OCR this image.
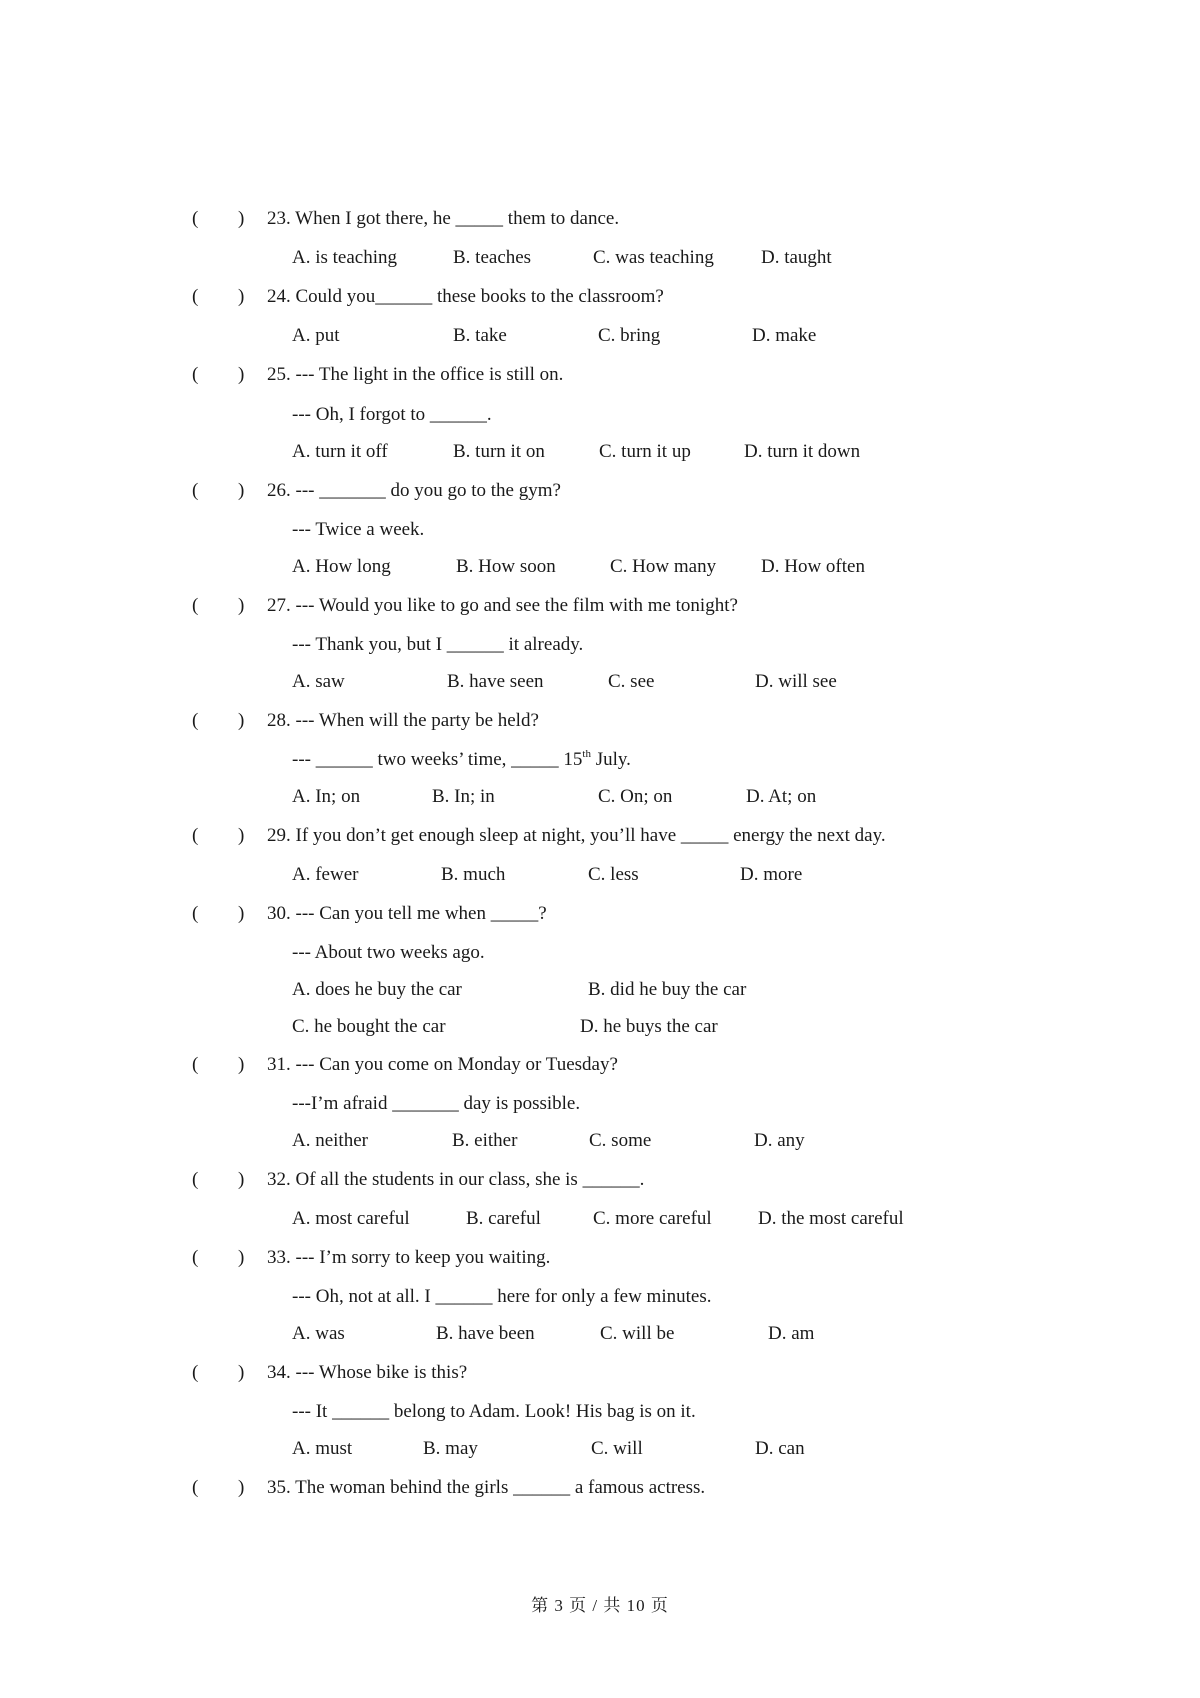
( ) 23. When I got there, he _____ them to dance.
A. is teaching	B. teaches	C. was teaching D. taught
( ) 24. Could you______ these books to the classroom?
A. put	B. take	C. bring	D. make
( ) 25. --- The light in the office is still on.
--- Oh, I forgot to ______.
A. turn it off	B. turn it on	C. turn it up	D. turn it down
( ) 26. --- _______ do you go to the gym?
--- Twice a week.
A. How long	B. How soon	C. How many D. How often
( ) 27. --- Would you like to go and see the film with me tonight?
--- Thank you, but I ______ it already.
A. saw	B. have seen	C. see	D. will see
( ) 28. --- When will the party be held?
--- ______ two weeks’ time, _____ 15th July.
A. In; on	B. In; in	C. On; on	D. At; on
( ) 29. If you don’t get enough sleep at night, you’ll have _____ energy the next day.
A. fewer	B. much	C. less	D. more
( ) 30. --- Can you tell me when _____?
--- About two weeks ago.
A. does he buy the car	B. did he buy the car
C. he bought the car	D. he buys the car
( ) 31. --- Can you come on Monday or Tuesday?
---I’m afraid _______ day is possible.
A. neither	B. either	C. some	D. any
( ) 32. Of all the students in our class, she is ______.
A. most careful	B. careful	C. more careful D. the most careful
( ) 33. --- I’m sorry to keep you waiting.
--- Oh, not at all. I ______ here for only a few minutes.
A. was	B. have been	C. will be	D. am
( ) 34. --- Whose bike is this?
--- It ______ belong to Adam. Look! His bag is on it.
A. must	B. may	C. will	D. can
( ) 35. The woman behind the girls ______ a famous actress.
第 3 页 / 共 10 页
